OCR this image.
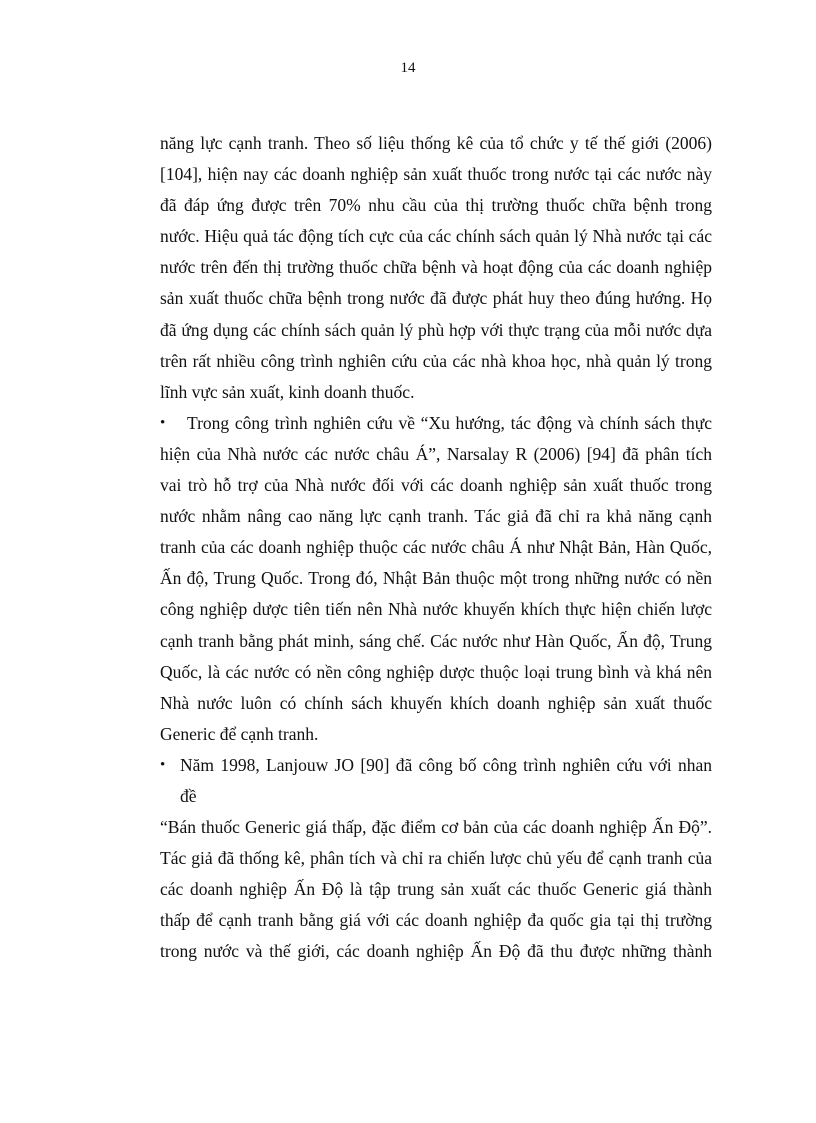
14
năng lực cạnh tranh. Theo số liệu thống kê của tổ chức y tế thế giới (2006)
[104], hiện nay các doanh nghiệp sản xuất thuốc trong nước tại các nước này
đã đáp ứng được trên 70% nhu cầu của thị trường thuốc chữa bệnh trong
nước. Hiệu quả tác động tích cực của các chính sách quản lý Nhà nước tại các
nước trên đến thị trường thuốc chữa bệnh và hoạt động của các doanh nghiệp
sản xuất thuốc chữa bệnh trong nước đã được phát huy theo đúng hướng. Họ
đã ứng dụng các chính sách quản lý phù hợp với thực trạng của mỗi nước dựa
trên rất nhiều công trình nghiên cứu của các nhà khoa học, nhà quản lý trong
lĩnh vực sản xuất, kinh doanh thuốc.
•	Trong công trình nghiên cứu về “Xu hướng, tác động và chính sách thực
hiện của Nhà nước các nước châu Á”, Narsalay R (2006) [94] đã phân tích
vai trò hỗ trợ của Nhà nước đối với các doanh nghiệp sản xuất thuốc trong
nước nhằm nâng cao năng lực cạnh tranh. Tác giả đã chỉ ra khả năng cạnh
tranh của các doanh nghiệp thuộc các nước châu Á như Nhật Bản, Hàn Quốc,
Ấn độ, Trung Quốc. Trong đó, Nhật Bản thuộc một trong những nước có nền
công nghiệp dược tiên tiến nên Nhà nước khuyến khích thực hiện chiến lược
cạnh tranh bằng phát minh, sáng chế. Các nước như Hàn Quốc, Ấn độ, Trung
Quốc, là các nước có nền công nghiệp dược thuộc loại trung bình và khá nên
Nhà nước luôn có chính sách khuyến khích doanh nghiệp sản xuất thuốc
Generic để cạnh tranh.
• Năm 1998, Lanjouw JO [90] đã công bố công trình nghiên cứu với nhan
đề
“Bán thuốc Generic giá thấp, đặc điểm cơ bản của các doanh nghiệp Ấn Độ”.
Tác giả đã thống kê, phân tích và chỉ ra chiến lược chủ yếu để cạnh tranh của
các doanh nghiệp Ấn Độ là tập trung sản xuất các thuốc Generic giá thành
thấp để cạnh tranh bằng giá với các doanh nghiệp đa quốc gia tại thị trường
trong nước và thế giới, các doanh nghiệp Ấn Độ đã thu được những thành
